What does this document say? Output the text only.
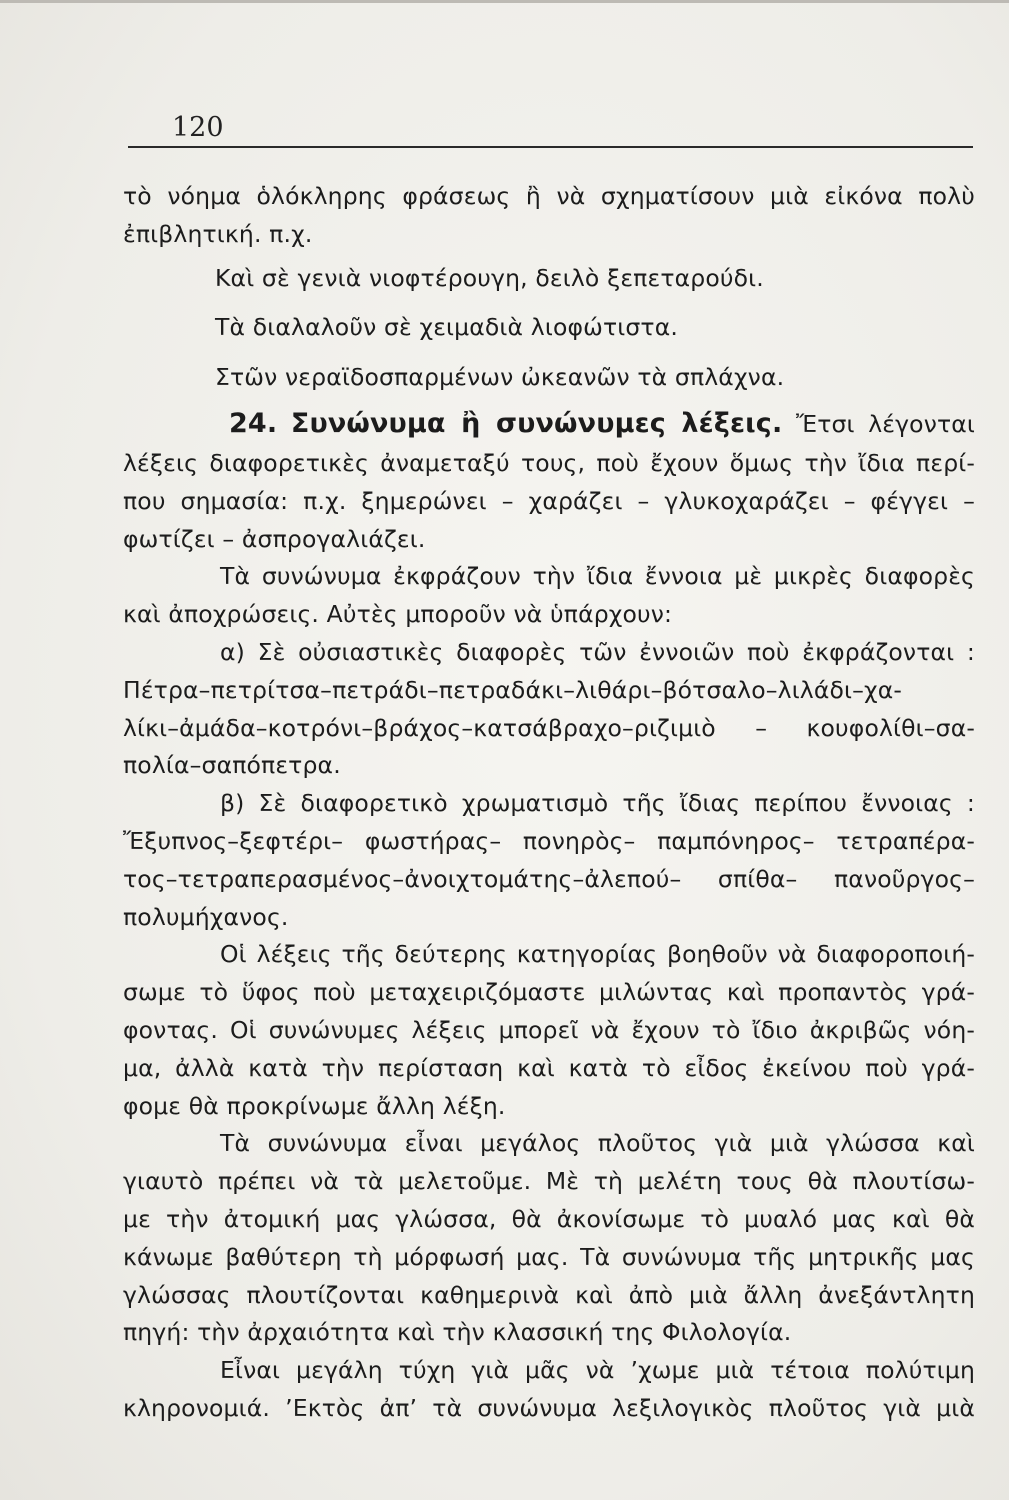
120
τὸ νόημα ὁλόκληρης φράσεως ἢ νὰ σχηματίσουν μιὰ εἰκόνα πολὺ
ἐπιβλητική. π.χ.
Καὶ σὲ γενιὰ νιοφτέρουγη, δειλὸ ξεπεταρούδι.
Τὰ διαλαλοῦν σὲ χειμαδιὰ λιοφώτιστα.
Στῶν νεραϊδοσπαρμένων ὠκεανῶν τὰ σπλάχνα.
24. Συνώνυμα ἢ συνώνυμες λέξεις. Ἔτσι λέγονται
λέξεις διαφορετικὲς ἀναμεταξύ τους, ποὺ ἔχουν ὅμως τὴν ἴδια περί-
που σημασία: π.χ. ξημερώνει – χαράζει – γλυκοχαράζει – φέγγει –
φωτίζει – ἀσπρογαλιάζει.
Τὰ συνώνυμα ἐκφράζουν τὴν ἴδια ἔννοια μὲ μικρὲς διαφορὲς
καὶ ἀποχρώσεις. Αὐτὲς μποροῦν νὰ ὑπάρχουν:
α) Σὲ οὐσιαστικὲς διαφορὲς τῶν ἐννοιῶν ποὺ ἐκφράζονται :
Πέτρα–πετρίτσα–πετράδι–πετραδάκι–λιθάρι–βότσαλο–λιλάδι–χα-
λίκι–ἀμάδα–κοτρόνι–βράχος–κατσάβραχο–ριζιμιὸ – κουφολίθι–σα-
πολία–σαπόπετρα.
β) Σὲ διαφορετικὸ χρωματισμὸ τῆς ἴδιας περίπου ἔννοιας :
Ἔξυπνος–ξεφτέρι– φωστήρας– πονηρὸς– παμπόνηρος– τετραπέρα-
τος–τετραπερασμένος–ἀνοιχτομάτης–ἀλεπού– σπίθα– πανοῦργος–
πολυμήχανος.
Οἱ λέξεις τῆς δεύτερης κατηγορίας βοηθοῦν νὰ διαφοροποιή-
σωμε τὸ ὕφος ποὺ μεταχειριζόμαστε μιλώντας καὶ προπαντὸς γρά-
φοντας. Οἱ συνώνυμες λέξεις μπορεῖ νὰ ἔχουν τὸ ἴδιο ἀκριβῶς νόη-
μα, ἀλλὰ κατὰ τὴν περίσταση καὶ κατὰ τὸ εἶδος ἐκείνου ποὺ γρά-
φομε θὰ προκρίνωμε ἄλλη λέξη.
Τὰ συνώνυμα εἶναι μεγάλος πλοῦτος γιὰ μιὰ γλώσσα καὶ
γιαυτὸ πρέπει νὰ τὰ μελετοῦμε. Μὲ τὴ μελέτη τους θὰ πλουτίσω-
με τὴν ἀτομική μας γλώσσα, θὰ ἀκονίσωμε τὸ μυαλό μας καὶ θὰ
κάνωμε βαθύτερη τὴ μόρφωσή μας. Τὰ συνώνυμα τῆς μητρικῆς μας
γλώσσας πλουτίζονται καθημερινὰ καὶ ἀπὸ μιὰ ἄλλη ἀνεξάντλητη
πηγή: τὴν ἀρχαιότητα καὶ τὴν κλασσική της Φιλολογία.
Εἶναι μεγάλη τύχη γιὰ μᾶς νὰ ’χωμε μιὰ τέτοια πολύτιμη
κληρονομιά. ’Εκτὸς ἀπ’ τὰ συνώνυμα λεξιλογικὸς πλοῦτος γιὰ μιὰ
